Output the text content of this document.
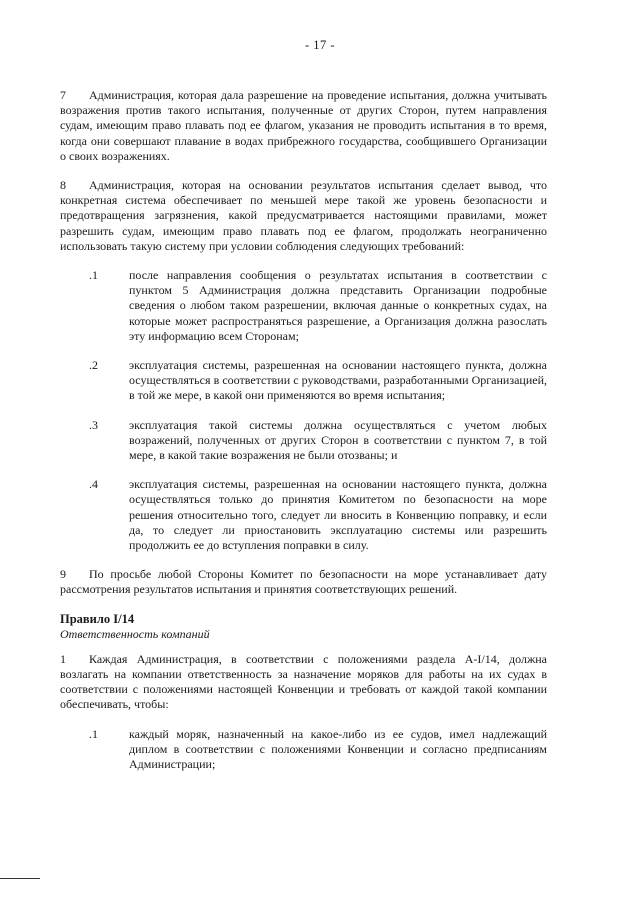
- 17 -

7 Администрация, которая дала разрешение на проведение испытания, должна учитывать возражения против такого испытания, полученные от других Сторон, путем направления судам, имеющим право плавать под ее флагом, указания не проводить испытания в то время, когда они совершают плавание в водах прибрежного государства, сообщившего Организации о своих возражениях.

8 Администрация, которая на основании результатов испытания сделает вывод, что конкретная система обеспечивает по меньшей мере такой же уровень безопасности и предотвращения загрязнения, какой предусматривается настоящими правилами, может разрешить судам, имеющим право плавать под ее флагом, продолжать неограниченно использовать такую систему при условии соблюдения следующих требований:

.1	после направления сообщения о результатах испытания в соответствии с пунктом 5 Администрация должна представить Организации подробные сведения о любом таком разрешении, включая данные о конкретных судах, на которые может распространяться разрешение, а Организация должна разослать эту информацию всем Сторонам;
.2	эксплуатация системы, разрешенная на основании настоящего пункта, должна осуществляться в соответствии с руководствами, разработанными Организацией, в той же мере, в какой они применяются во время испытания;
.3	эксплуатация такой системы должна осуществляться с учетом любых возражений, полученных от других Сторон в соответствии с пунктом 7, в той мере, в какой такие возражения не были отозваны; и
.4	эксплуатация системы, разрешенная на основании настоящего пункта, должна осуществляться только до принятия Комитетом по безопасности на море решения относительно того, следует ли вносить в Конвенцию поправку, и если да, то следует ли приостановить эксплуатацию системы или разрешить продолжить ее до вступления поправки в силу.

9 По просьбе любой Стороны Комитет по безопасности на море устанавливает дату рассмотрения результатов испытания и принятия соответствующих решений.

Правило I/14
Ответственность компаний

1 Каждая Администрация, в соответствии с положениями раздела A-I/14, должна возлагать на компании ответственность за назначение моряков для работы на их судах в соответствии с положениями настоящей Конвенции и требовать от каждой такой компании обеспечивать, чтобы:

.1	каждый моряк, назначенный на какое-либо из ее судов, имел надлежащий диплом в соответствии с положениями Конвенции и согласно предписаниям Администрации;
